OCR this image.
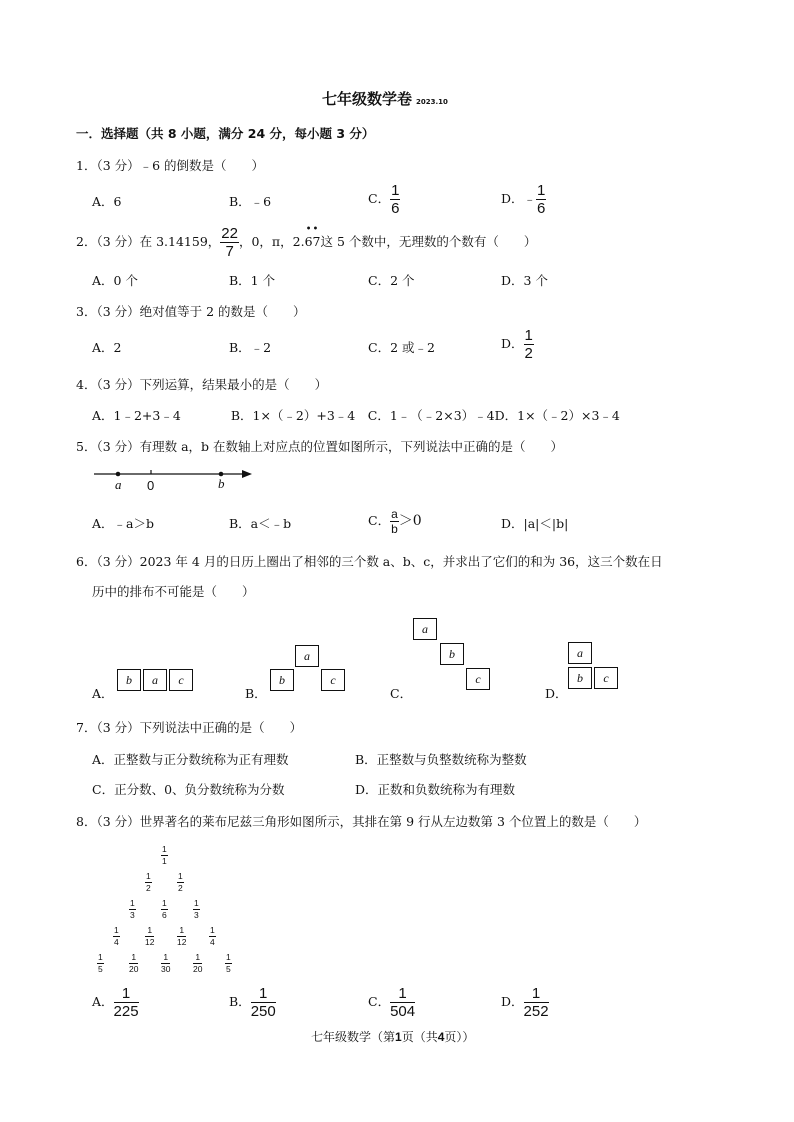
七年级数学卷 2023.10
一．选择题（共 8 小题，满分 24 分，每小题 3 分）
1．（3 分）﹣6 的倒数是（　　）
A．6	B．﹣6	C． $\frac{1}{6}$	D．﹣ $\frac{1}{6}$
2．（3 分）在 3.14159， $\frac{22}{7}$ ，0，π，2.
••
67这 5 个数中，无理数的个数有（　　）
A．0 个	B．1 个	C．2 个	D．3 个
3．（3 分）绝对值等于 2 的数是（　　）
A．2	B．﹣2	C．2 或﹣2	D． $\frac{1}{2}$
4．（3 分）下列运算，结果最小的是（　　）
A．1﹣2+3﹣4　　　　B．1×（﹣2）+3﹣4　C．1﹣（﹣2×3）﹣4D．1×（﹣2）×3﹣4
5．（3 分）有理数 a，b 在数轴上对应点的位置如图所示，下列说法中正确的是（　　）
a 0	b
A．﹣a＞b	B．a＜﹣b	C． $\frac{a}{b} >0$	D．|a|＜|b|
6．（3 分）2023 年 4 月的日历上圈出了相邻的三个数 a、b、c，并求出了它们的和为 36，这三个数在日
历中的排布不可能是（　　）
A．
b	a	c
B．
a
b	c
C．
a
b
c
D．
a
b	c
7．（3 分）下列说法中正确的是（　　）
A．正整数与正分数统称为正有理数	B．正整数与负整数统称为整数
C．正分数、0、负分数统称为分数	D．正数和负数统称为有理数
8．（3 分）世界著名的莱布尼兹三角形如图所示，其排在第 9 行从左边数第 3 个位置上的数是（　　）
$\frac{1}{1}$
$\frac{1}{2}$	$\frac{1}{2}$
$\frac{1}{3}$	$\frac{1}{6}$	$\frac{1}{3}$
$\frac{1}{4}$	$\frac{1}{12}$	$\frac{1}{12}$	$\frac{1}{4}$
$\frac{1}{5}$	$\frac{1}{20}$	$\frac{1}{30}$	$\frac{1}{20}$	$\frac{1}{5}$
A． $\frac{1}{225}$	B． $\frac{1}{250}$	C． $\frac{1}{504}$	D． $\frac{1}{252}$
七年级数学（第1页（共4页））
